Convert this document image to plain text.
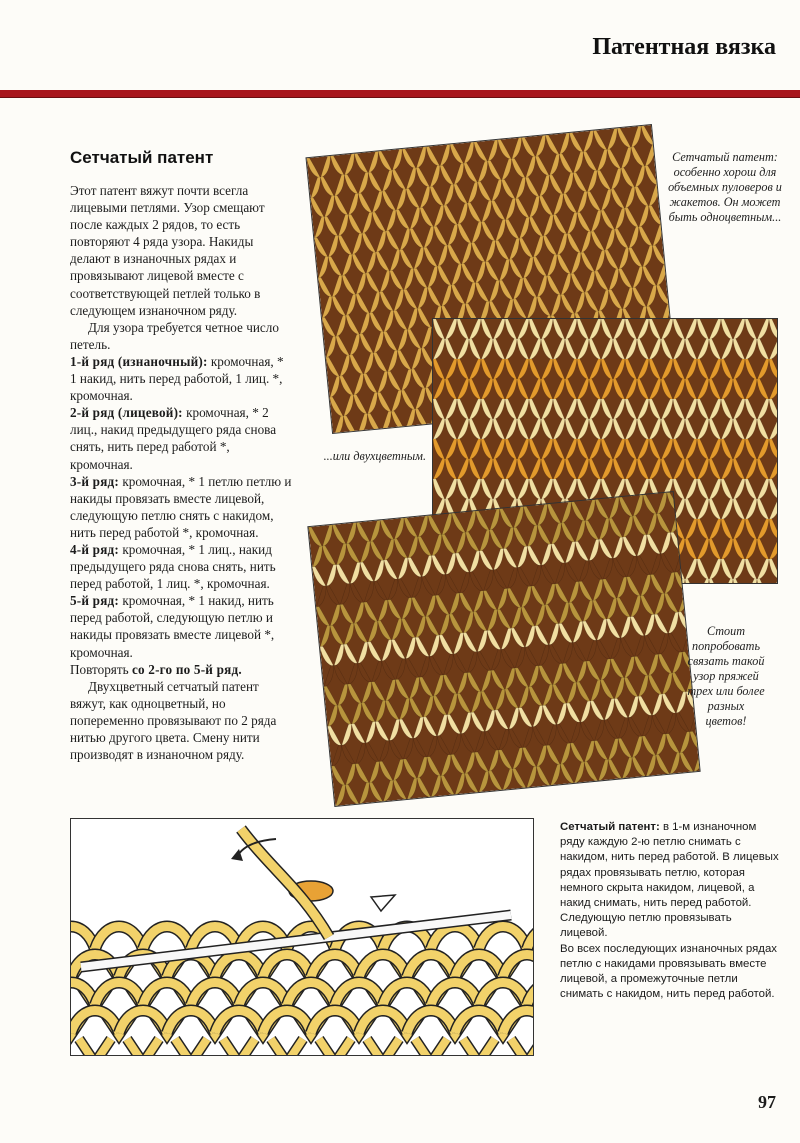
Патентная вязка
Сетчатый патент

Этот патент вяжут почти всегла лицевыми петлями. Узор смещают после каждых 2 рядов, то есть повторяют 4 ряда узора. Накиды делают в изнаночных рядах и провязывают лицевой вместе с соответствующей петлей только в следующем изнаночном ряду.

Для узора требуется четное число петель.

1-й ряд (изнаночный): кромочная, * 1 накид, нить перед работой, 1 лиц. *, кромочная.

2-й ряд (лицевой): кромочная, * 2 лиц., накид предыдущего ряда снова снять, нить перед работой *, кромочная.

3-й ряд: кромочная, * 1 петлю петлю и накиды провязать вместе лицевой, следующую петлю снять с накидом, нить перед работой *, кромочная.

4-й ряд: кромочная, * 1 лиц., накид предыдущего ряда снова снять, нить перед работой, 1 лиц. *, кромочная.

5-й ряд: кромочная, * 1 накид, нить перед работой, следующую петлю и накиды провязать вместе лицевой *, кромочная.

Повторять со 2-го по 5-й ряд.

Двухцветный сетчатый патент вяжут, как одноцветный, но попеременно провязывают по 2 ряда нитью другого цвета. Смену нити производят в изнаночном ряду.

Сетчатый патент: особенно хорош для объемных пуловеров и жакетов. Он может быть одноцветным...
...или двухцветным.
Стоит попробовать связать такой узор пряжей трех или более разных цветов!

Сетчатый патент: в 1-м изнаночном ряду каждую 2-ю петлю снимать с накидом, нить перед работой. В лицевых рядах провязывать петлю, которая немного скрыта накидом, лицевой, а накид снимать, нить перед работой. Следующую петлю провязывать лицевой.

Во всех последующих изнаночных рядах петлю с накидами провязывать вместе лицевой, а промежуточные петли снимать с накидом, нить перед работой.

97
